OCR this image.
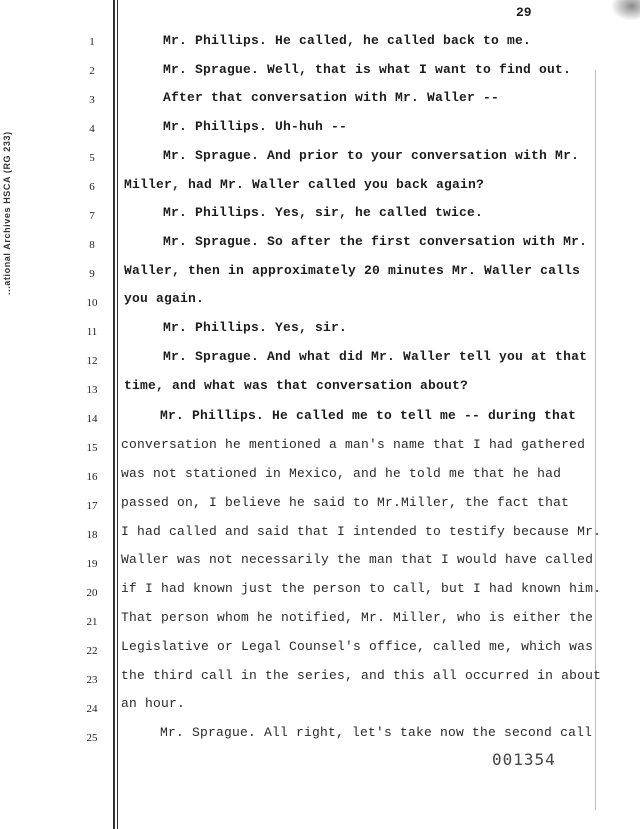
...ational Archives HSCA (RG 233)
29
1
2
3
4
5
6
7
8
9
10
11
12
13
14
15
16
17
18
19
20
21
22
23
24
25
Mr. Phillips. He called, he called back to me.
Mr. Sprague. Well, that is what I want to find out.
After that conversation with Mr. Waller --
Mr. Phillips. Uh-huh --
Mr. Sprague. And prior to your conversation with Mr.
Miller, had Mr. Waller called you back again?
Mr. Phillips. Yes, sir, he called twice.
Mr. Sprague. So after the first conversation with Mr.
Waller, then in approximately 20 minutes Mr. Waller calls
you again.
Mr. Phillips. Yes, sir.
Mr. Sprague. And what did Mr. Waller tell you at that
time, and what was that conversation about?
Mr. Phillips. He called me to tell me -- during that
conversation he mentioned a man's name that I had gathered
was not stationed in Mexico, and he told me that he had
passed on, I believe he said to Mr.Miller, the fact that
I had called and said that I intended to testify because Mr.
Waller was not necessarily the man that I would have called
if I had known just the person to call, but I had known him.
That person whom he notified, Mr. Miller, who is either the
Legislative or Legal Counsel's office, called me, which was
the third call in the series, and this all occurred in about
an hour.
Mr. Sprague. All right, let's take now the second call
001354
